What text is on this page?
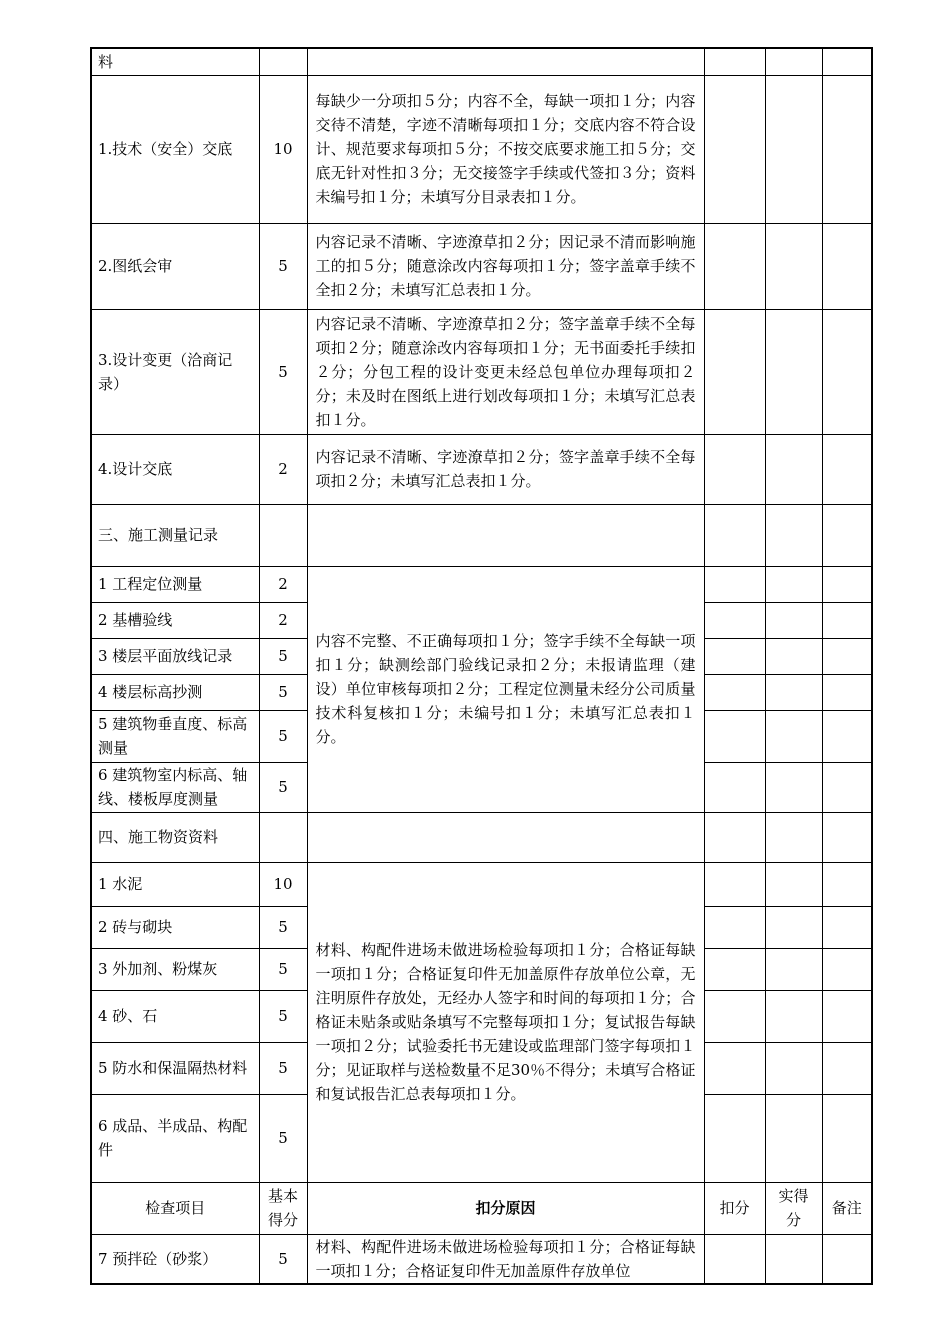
料					
1.技术（安全）交底	10	每缺少一分项扣５分；内容不全，每缺一项扣１分；内容交待不清楚，字迹不清晰每项扣１分；交底内容不符合设计、规范要求每项扣５分；不按交底要求施工扣５分；交底无针对性扣３分；无交接签字手续或代签扣３分；资料未编号扣１分；未填写分目录表扣１分。			
2.图纸会审	5	内容记录不清晰、字迹潦草扣２分；因记录不清而影响施工的扣５分；随意涂改内容每项扣１分；签字盖章手续不全扣２分；未填写汇总表扣１分。			
3.设计变更（洽商记录）	5	内容记录不清晰、字迹潦草扣２分；签字盖章手续不全每项扣２分；随意涂改内容每项扣１分；无书面委托手续扣２分；分包工程的设计变更未经总包单位办理每项扣２分；未及时在图纸上进行划改每项扣１分；未填写汇总表扣１分。			
4.设计交底	2	内容记录不清晰、字迹潦草扣２分；签字盖章手续不全每项扣２分；未填写汇总表扣１分。			
三、施工测量记录					
1 工程定位测量	2	内容不完整、不正确每项扣１分；签字手续不全每缺一项扣１分；缺测绘部门验线记录扣２分；未报请监理（建设）单位审核每项扣２分；工程定位测量未经分公司质量技术科复核扣１分；未编号扣１分；未填写汇总表扣１分。			
2 基槽验线	2				
3 楼层平面放线记录	5				
4 楼层标高抄测	5				
5 建筑物垂直度、标高测量	5				
6 建筑物室内标高、轴线、楼板厚度测量	5				
四、施工物资资料					
1 水泥	10	材料、构配件进场未做进场检验每项扣１分；合格证每缺一项扣１分；合格证复印件无加盖原件存放单位公章，无注明原件存放处，无经办人签字和时间的每项扣１分；合格证未贴条或贴条填写不完整每项扣１分；复试报告每缺一项扣２分；试验委托书无建设或监理部门签字每项扣１分；见证取样与送检数量不足30％不得分；未填写合格证和复试报告汇总表每项扣１分。			
2 砖与砌块	5				
3 外加剂、粉煤灰	5				
4 砂、石	5				
5 防水和保温隔热材料	5				
6 成品、半成品、构配件	5				
检查项目	基本得分	扣分原因	扣分	实得分	备注
7 预拌砼（砂浆）	5	材料、构配件进场未做进场检验每项扣１分；合格证每缺一项扣１分；合格证复印件无加盖原件存放单位			
